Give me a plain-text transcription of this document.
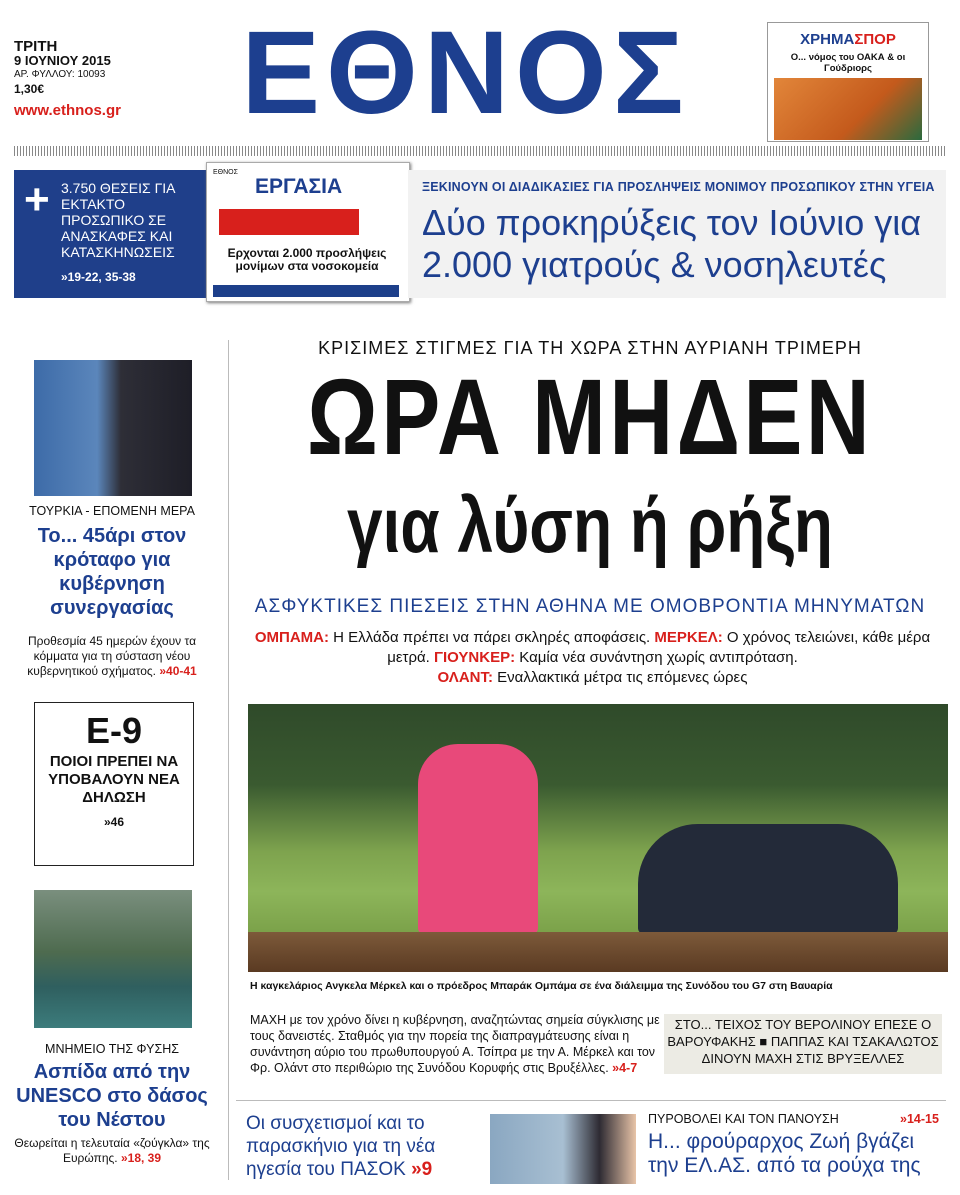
ΤΡΙΤΗ
9 ΙΟΥΝΙΟΥ 2015
ΑΡ. ΦΥΛΛΟΥ: 10093
1,30€
www.ethnos.gr	ΕΘΝΟΣ	ΧΡΗΜΑΣΠΟΡ
Ο... νόμος του ΟΑΚΑ & οι Γούδριορς
+ 3.750 ΘΕΣΕΙΣ ΓΙΑ ΕΚΤΑΚΤΟ ΠΡΟΣΩΠΙΚΟ ΣΕ ΑΝΑΣΚΑΦΕΣ ΚΑΙ ΚΑΤΑΣΚΗΝΩΣΕΙΣ
»19-22, 35-38
ΕΘΝΟΣ
ΕΡΓΑΣΙΑ
Ερχονται 2.000 προσλήψεις μονίμων στα νοσοκομεία
ΞΕΚΙΝΟΥΝ ΟΙ ΔΙΑΔΙΚΑΣΙΕΣ ΓΙΑ ΠΡΟΣΛΗΨΕΙΣ ΜΟΝΙΜΟΥ ΠΡΟΣΩΠΙΚΟΥ ΣΤΗΝ ΥΓΕΙΑ
Δύο προκηρύξεις τον Ιούνιο για 2.000 γιατρούς & νοσηλευτές
ΤΟΥΡΚΙΑ - ΕΠΟΜΕΝΗ ΜΕΡΑ
Το... 45άρι στον κρόταφο για κυβέρνηση συνεργασίας
Προθεσμία 45 ημερών έχουν τα κόμματα για τη σύσταση νέου κυβερνητικού σχήματος. »40-41
Ε-9
ΠΟΙΟΙ ΠΡΕΠΕΙ ΝΑ ΥΠΟΒΑΛΟΥΝ ΝΕΑ ΔΗΛΩΣΗ
»46
ΜΝΗΜΕΙΟ ΤΗΣ ΦΥΣΗΣ
Ασπίδα από την UNESCO στο δάσος του Νέστου
Θεωρείται η τελευταία «ζούγκλα» της Ευρώπης. »18, 39
ΚΡΙΣΙΜΕΣ ΣΤΙΓΜΕΣ ΓΙΑ ΤΗ ΧΩΡΑ ΣΤΗΝ ΑΥΡΙΑΝΗ ΤΡΙΜΕΡΗ
ΩΡΑ ΜΗΔΕΝ
για λύση ή ρήξη
ΑΣΦΥΚΤΙΚΕΣ ΠΙΕΣΕΙΣ ΣΤΗΝ ΑΘΗΝΑ ΜΕ ΟΜΟΒΡΟΝΤΙΑ ΜΗΝΥΜΑΤΩΝ
ΟΜΠΑΜΑ: Η Ελλάδα πρέπει να πάρει σκληρές αποφάσεις. ΜΕΡΚΕΛ: Ο χρόνος τελειώνει, κάθε μέρα μετρά. ΓΙΟΥΝΚΕΡ: Καμία νέα συνάντηση χωρίς αντιπρόταση.
ΟΛΑΝΤ: Εναλλακτικά μέτρα τις επόμενες ώρες
Η καγκελάριος Ανγκελα Μέρκελ και ο πρόεδρος Μπαράκ Ομπάμα σε ένα διάλειμμα της Συνόδου του G7 στη Βαυαρία
ΜΑΧΗ με τον χρόνο δίνει η κυβέρνηση, αναζητώντας σημεία σύγκλισης με τους δανειστές. Σταθμός για την πορεία της διαπραγμάτευσης είναι η συνάντηση αύριο του πρωθυπουργού Α. Τσίπρα με την Α. Μέρκελ και τον Φρ. Ολάντ στο περιθώριο της Συνόδου Κορυφής στις Βρυξέλλες. »4-7
ΣΤΟ... ΤΕΙΧΟΣ ΤΟΥ ΒΕΡΟΛΙΝΟΥ ΕΠΕΣΕ Ο ΒΑΡΟΥΦΑΚΗΣ ■ ΠΑΠΠΑΣ ΚΑΙ ΤΣΑΚΑΛΩΤΟΣ ΔΙΝΟΥΝ ΜΑΧΗ ΣΤΙΣ ΒΡΥΞΕΛΛΕΣ
Οι συσχετισμοί και το παρασκήνιο για τη νέα ηγεσία του ΠΑΣΟΚ »9
ΠΥΡΟΒΟΛΕΙ ΚΑΙ ΤΟΝ ΠΑΝΟΥΣΗ	»14-15
Η... φρούραρχος Ζωή βγάζει την ΕΛ.ΑΣ. από τα ρούχα της
